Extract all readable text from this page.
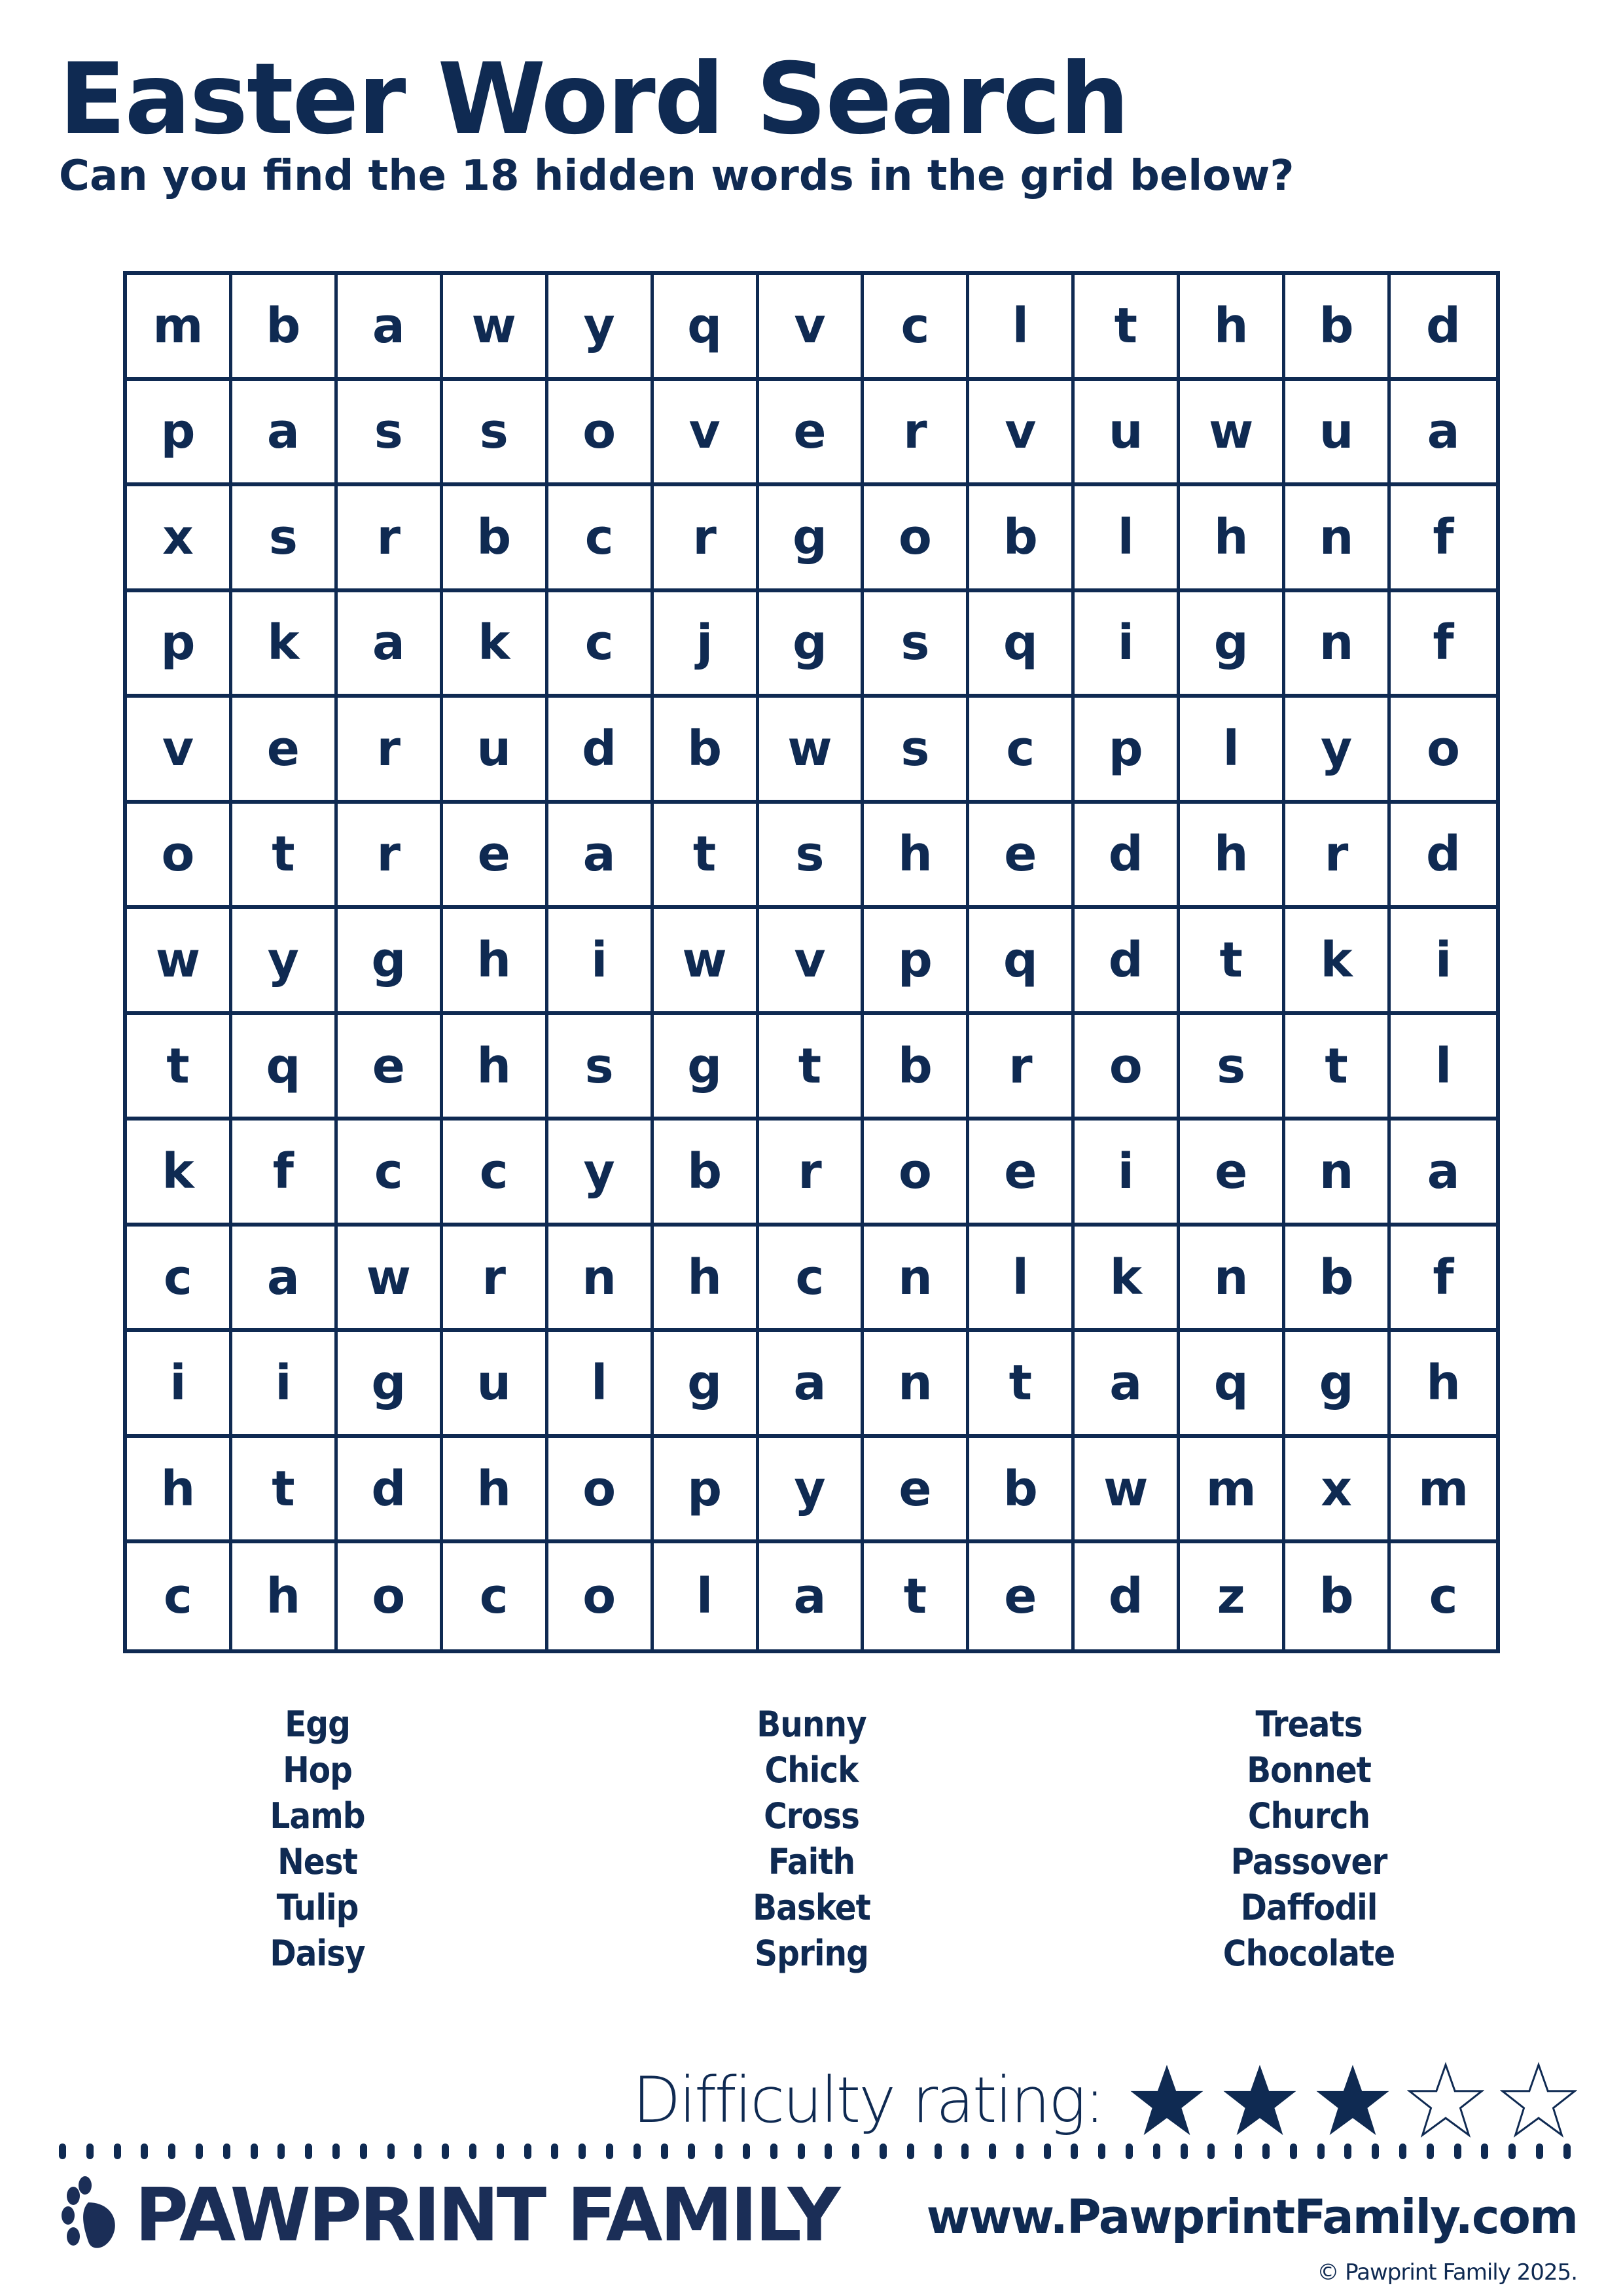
Easter Word Search

Can you find the 18 hidden words in the grid below?

m	b	a	w	y	q	v	c	l	t	h	b	d
p	a	s	s	o	v	e	r	v	u	w	u	a
x	s	r	b	c	r	g	o	b	l	h	n	f
p	k	a	k	c	j	g	s	q	i	g	n	f
v	e	r	u	d	b	w	s	c	p	l	y	o
o	t	r	e	a	t	s	h	e	d	h	r	d
w	y	g	h	i	w	v	p	q	d	t	k	i
t	q	e	h	s	g	t	b	r	o	s	t	l
k	f	c	c	y	b	r	o	e	i	e	n	a
c	a	w	r	n	h	c	n	l	k	n	b	f
i	i	g	u	l	g	a	n	t	a	q	g	h
h	t	d	h	o	p	y	e	b	w	m	x	m
c	h	o	c	o	l	a	t	e	d	z	b	c
Egg
Hop
Lamb
Nest
Tulip
Daisy
Bunny
Chick
Cross
Faith
Basket
Spring
Treats
Bonnet
Church
Passover
Daffodil
Chocolate
Difficulty rating:
PAWPRINT FAMILY www.PawprintFamily.com
© Pawprint Family 2025.
